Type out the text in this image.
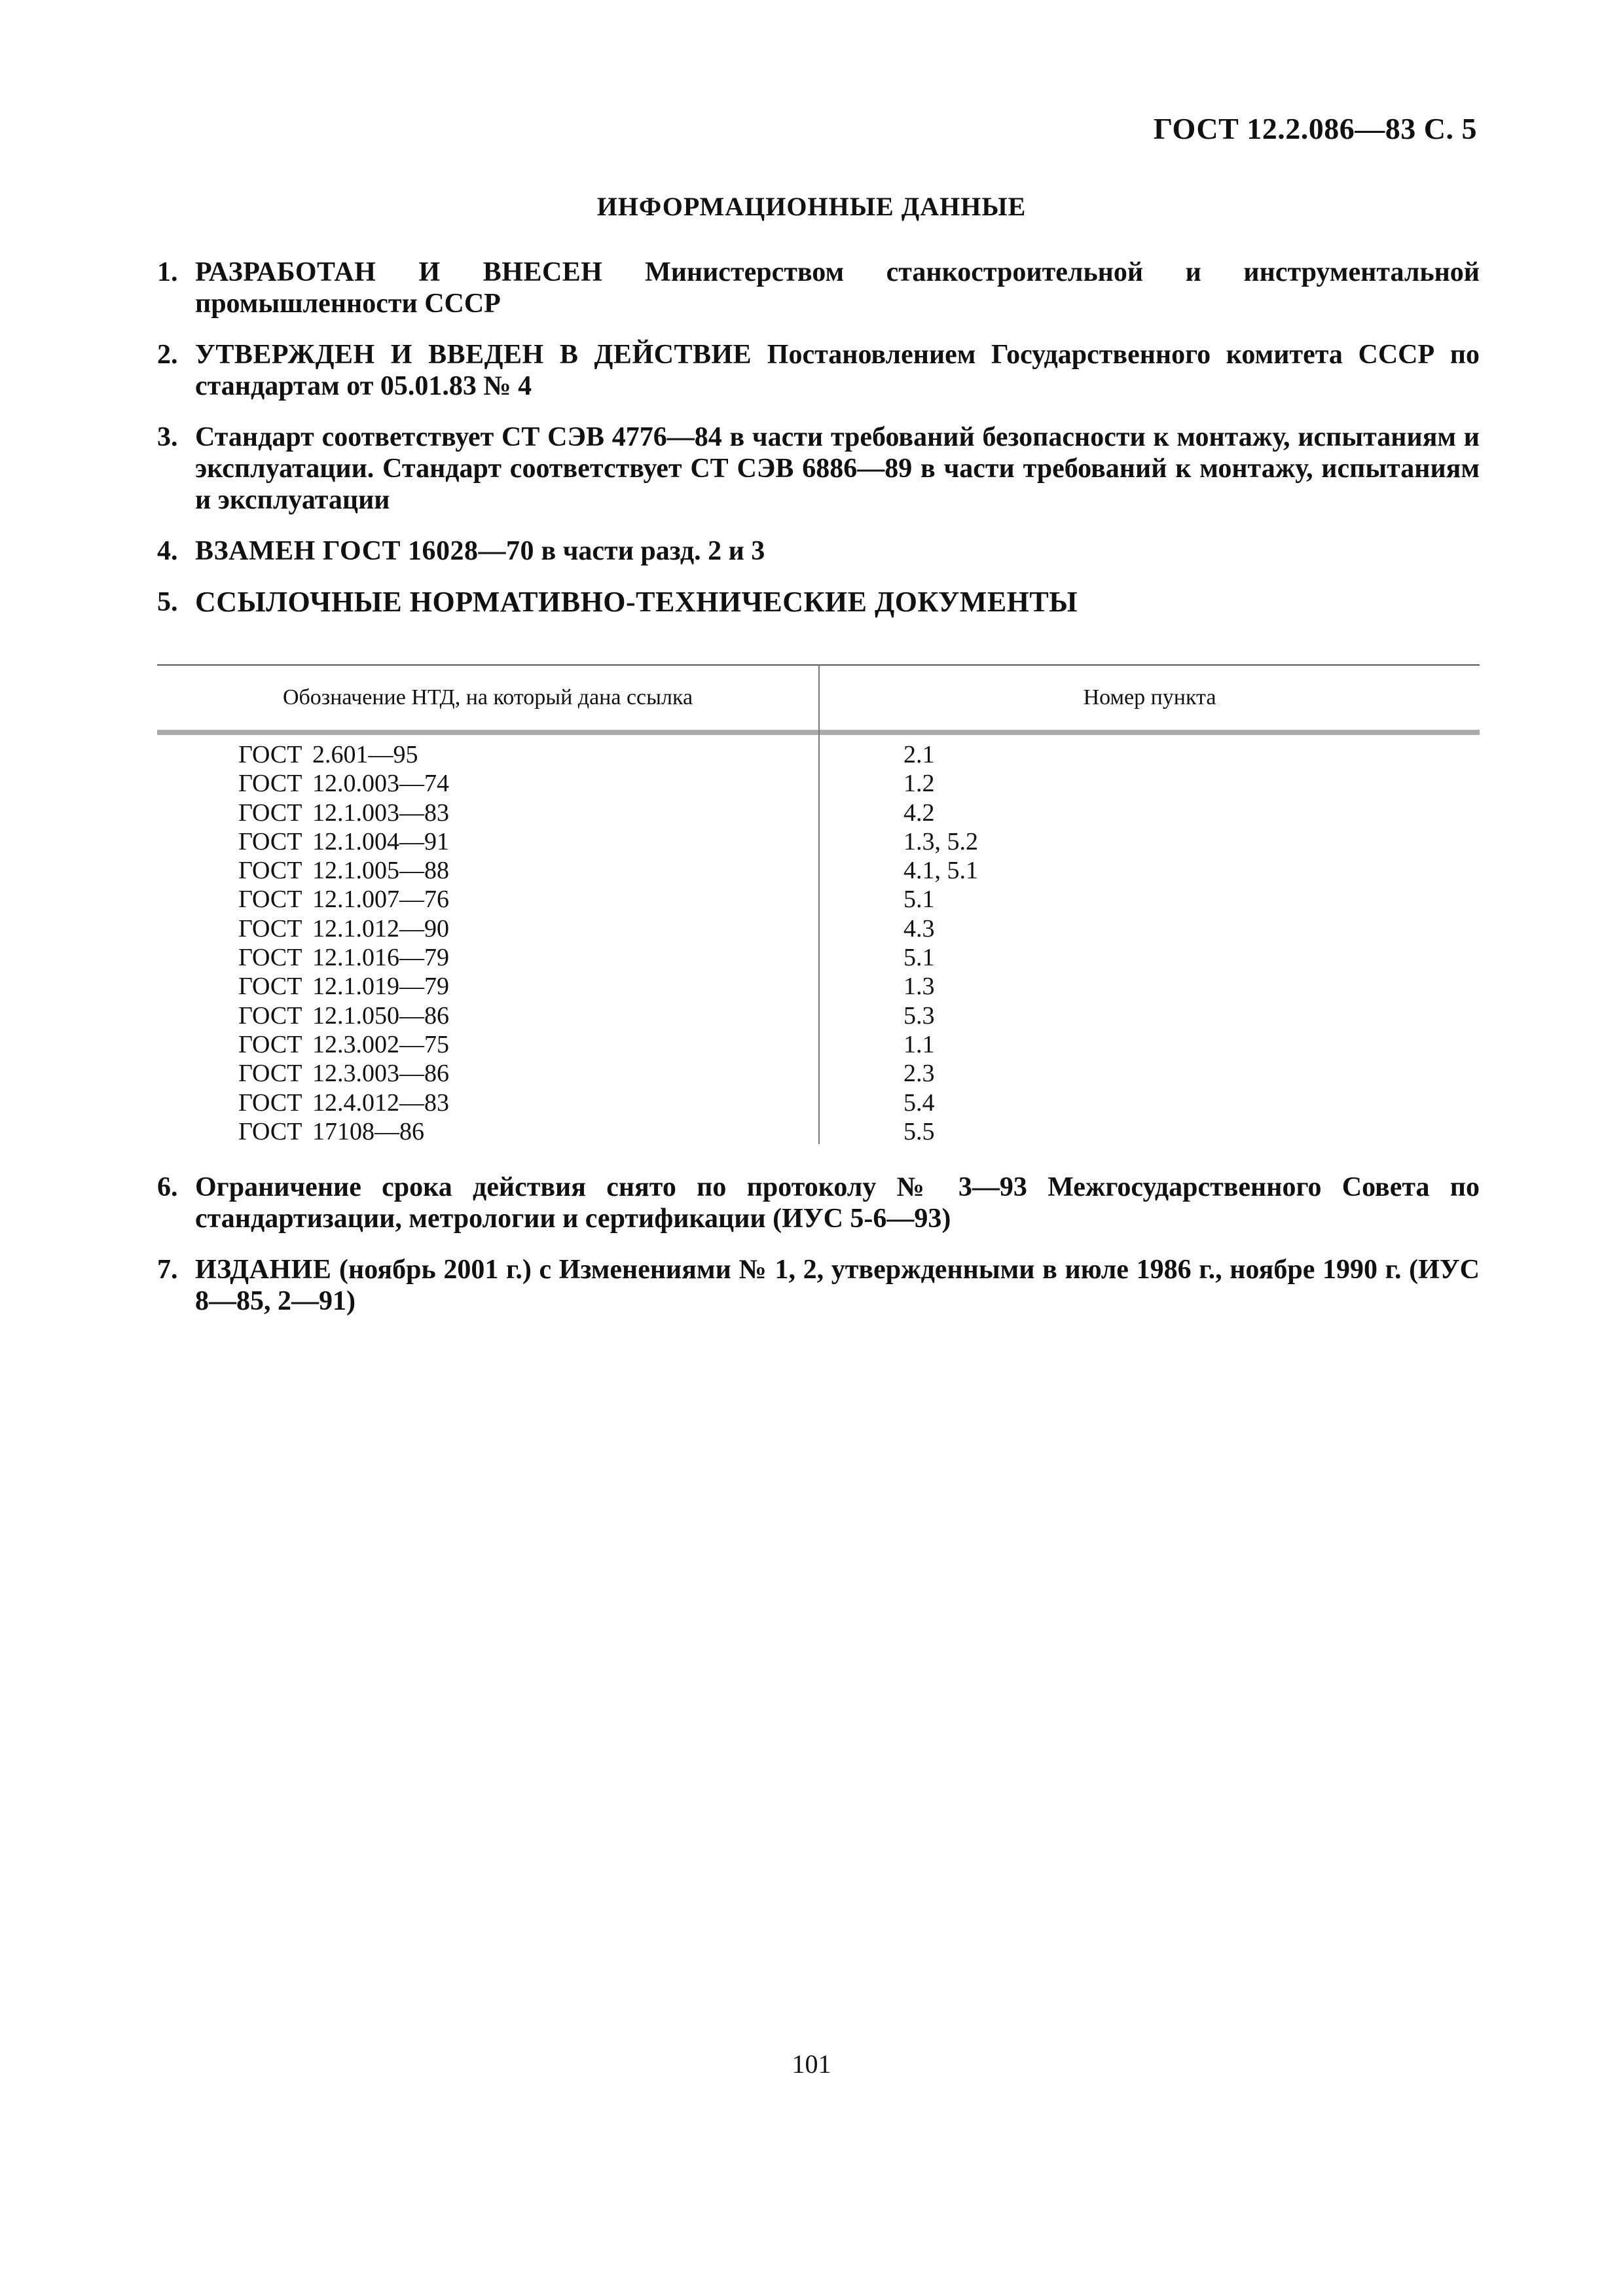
ГОСТ 12.2.086—83 С. 5
ИНФОРМАЦИОННЫЕ ДАННЫЕ
1. РАЗРАБОТАН И ВНЕСЕН Министерством станкостроительной и инструментальной промышленности СССР
2. УТВЕРЖДЕН И ВВЕДЕН В ДЕЙСТВИЕ Постановлением Государственного комитета СССР по стандартам от 05.01.83 № 4
3. Стандарт соответствует СТ СЭВ 4776—84 в части требований безопасности к монтажу, испытаниям и эксплуатации. Стандарт соответствует СТ СЭВ 6886—89 в части требований к монтажу, испытаниям и эксплуатации
4. ВЗАМЕН ГОСТ 16028—70 в части разд. 2 и 3
5. ССЫЛОЧНЫЕ НОРМАТИВНО-ТЕХНИЧЕСКИЕ ДОКУМЕНТЫ
Обозначение НТД, на который дана ссылка	Номер пункта
ГОСТ 2.601—95	2.1
ГОСТ 12.0.003—74	1.2
ГОСТ 12.1.003—83	4.2
ГОСТ 12.1.004—91	1.3, 5.2
ГОСТ 12.1.005—88	4.1, 5.1
ГОСТ 12.1.007—76	5.1
ГОСТ 12.1.012—90	4.3
ГОСТ 12.1.016—79	5.1
ГОСТ 12.1.019—79	1.3
ГОСТ 12.1.050—86	5.3
ГОСТ 12.3.002—75	1.1
ГОСТ 12.3.003—86	2.3
ГОСТ 12.4.012—83	5.4
ГОСТ 17108—86	5.5
6. Ограничение срока действия снято по протоколу № 3—93 Межгосударственного Совета по стандартизации, метрологии и сертификации (ИУС 5-6—93)
7. ИЗДАНИЕ (ноябрь 2001 г.) с Изменениями № 1, 2, утвержденными в июле 1986 г., ноябре 1990 г. (ИУС 8—85, 2—91)
101
